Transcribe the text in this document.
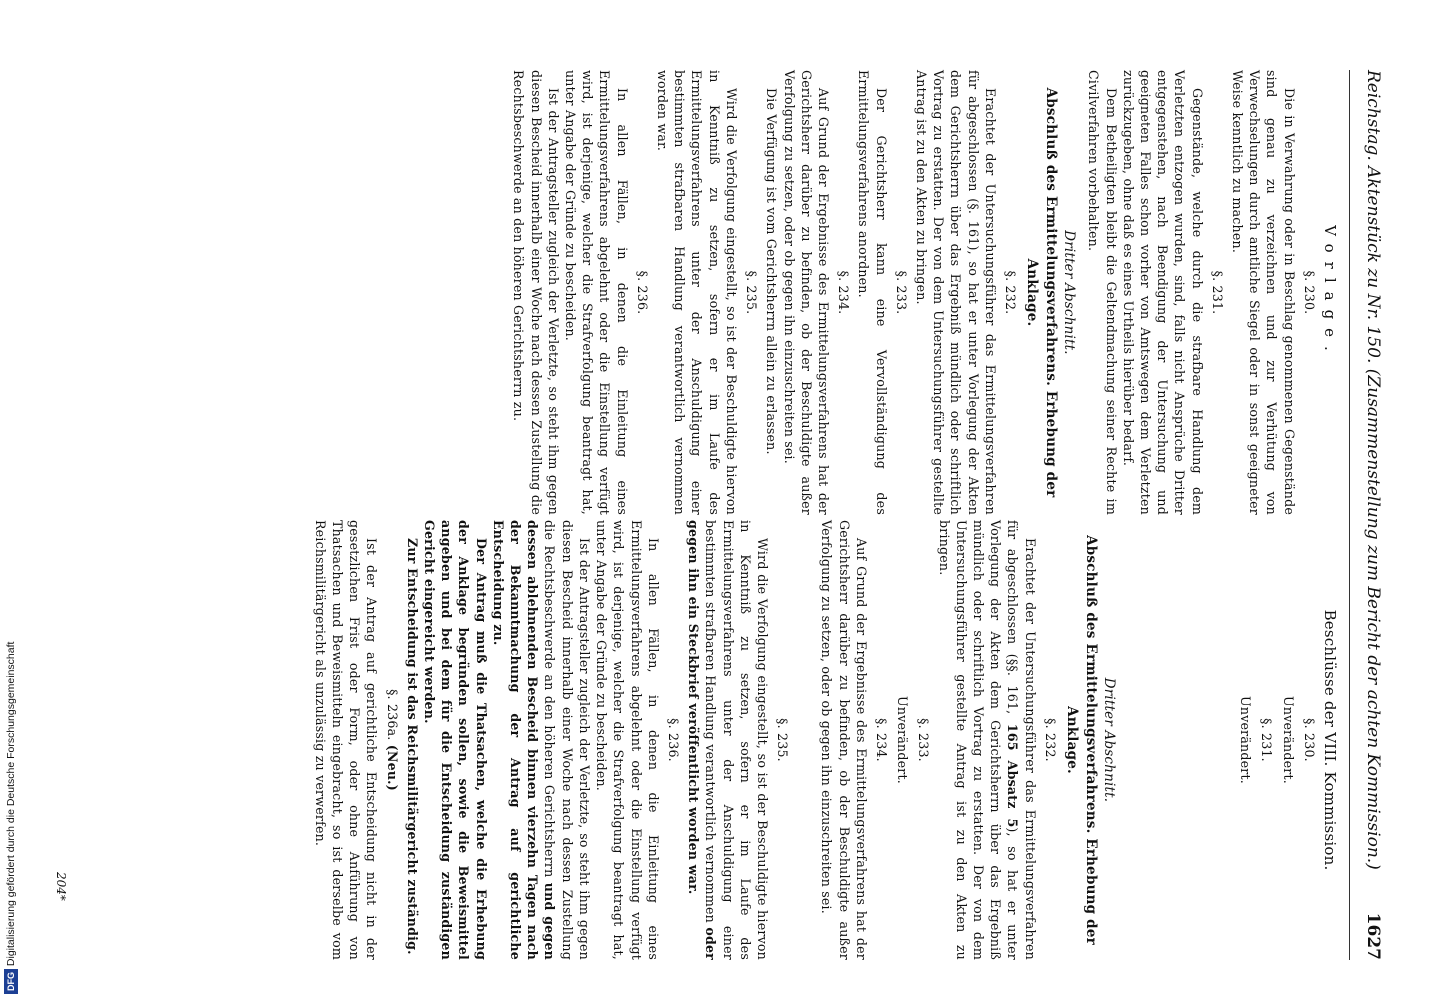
Reichstag. Aktenstück zu Nr. 150. (Zusammenstellung zum Bericht der achten Kommission.)
1627
Vorlage.
§. 230.

Die in Verwahrung oder in Beschlag genommenen Gegenstände sind genau zu verzeichnen und zur Verhütung von Verwechselungen durch amtliche Siegel oder in sonst geeigneter Weise kenntlich zu machen.

§. 231.

Gegenstände, welche durch die strafbare Handlung dem Verletzten entzogen wurden, sind, falls nicht Ansprüche Dritter entgegenstehen, nach Beendigung der Untersuchung und geeigneten Falles schon vorher von Amtswegen dem Verletzten zurückzugeben, ohne daß es eines Urtheils hierüber bedarf.

Dem Betheiligten bleibt die Geltendmachung seiner Rechte im Civilverfahren vorbehalten.

Dritter Abschnitt.
Abschluß des Ermittelungsverfahrens. Erhebung der Anklage.
§. 232.

Erachtet der Untersuchungsführer das Ermittelungsverfahren für abgeschlossen (§. 161), so hat er unter Vorlegung der Akten dem Gerichtsherrn über das Ergebniß mündlich oder schriftlich Vortrag zu erstatten. Der von dem Untersuchungsführer gestellte Antrag ist zu den Akten zu bringen.

§. 233.

Der Gerichtsherr kann eine Vervollständigung des Ermittelungsverfahrens anordnen.

§. 234.

Auf Grund der Ergebnisse des Ermittelungsverfahrens hat der Gerichtsherr darüber zu befinden, ob der Beschuldigte außer Verfolgung zu setzen, oder ob gegen ihn einzuschreiten sei.

Die Verfügung ist vom Gerichtsherrn allein zu erlassen.

§. 235.

Wird die Verfolgung eingestellt, so ist der Beschuldigte hiervon in Kenntniß zu setzen, sofern er im Laufe des Ermittelungsverfahrens unter der Anschuldigung einer bestimmten strafbaren Handlung verantwortlich vernommen worden war.

§. 236.

In allen Fällen, in denen die Einleitung eines Ermittelungsverfahrens abgelehnt oder die Einstellung verfügt wird, ist derjenige, welcher die Strafverfolgung beantragt hat, unter Angabe der Gründe zu bescheiden.

Ist der Antragsteller zugleich der Verletzte, so steht ihm gegen diesen Bescheid innerhalb einer Woche nach dessen Zustellung die Rechtsbeschwerde an den höheren Gerichtsherrn zu.

Beschlüsse der VIII. Kommission.
§. 230.
Unverändert.
§. 231.
Unverändert.
Dritter Abschnitt.
Abschluß des Ermittelungsverfahrens. Erhebung der Anklage.
§. 232.

Erachtet der Untersuchungsführer das Ermittelungsverfahren für abgeschlossen (§§. 161, 165 Absatz 5), so hat er unter Vorlegung der Akten dem Gerichtsherrn über das Ergebniß mündlich oder schriftlich Vortrag zu erstatten. Der von dem Untersuchungsführer gestellte Antrag ist zu den Akten zu bringen.

§. 233.
Unverändert.
§. 234.

Auf Grund der Ergebnisse des Ermittelungsverfahrens hat der Gerichtsherr darüber zu befinden, ob der Beschuldigte außer Verfolgung zu setzen, oder ob gegen ihn einzuschreiten sei.

§. 235.

Wird die Verfolgung eingestellt, so ist der Beschuldigte hiervon in Kenntniß zu setzen, sofern er im Laufe des Ermittelungsverfahrens unter der Anschuldigung einer bestimmten strafbaren Handlung verantwortlich vernommen oder gegen ihn ein Steckbrief veröffentlicht worden war.

§. 236.

In allen Fällen, in denen die Einleitung eines Ermittelungsverfahrens abgelehnt oder die Einstellung verfügt wird, ist derjenige, welcher die Strafverfolgung beantragt hat, unter Angabe der Gründe zu bescheiden.

Ist der Antragsteller zugleich der Verletzte, so steht ihm gegen diesen Bescheid innerhalb einer Woche nach dessen Zustellung die Rechtsbeschwerde an den höheren Gerichtsherrn und gegen dessen ablehnenden Bescheid binnen vierzehn Tagen nach der Bekanntmachung der Antrag auf gerichtliche Entscheidung zu.

Der Antrag muß die Thatsachen, welche die Erhebung der Anklage begründen sollen, sowie die Beweismittel angeben und bei dem für die Entscheidung zuständigen Gericht eingereicht werden.

Zur Entscheidung ist das Reichsmilitärgericht zuständig.

§. 236a. (Neu.)

Ist der Antrag auf gerichtliche Entscheidung nicht in der gesetzlichen Frist oder Form, oder ohne Anführung von Thatsachen und Beweismitteln eingebracht, so ist derselbe vom Reichsmilitärgericht als unzulässig zu verwerfen.

204*
DFG Digitalisierung gefördert durch die Deutsche Forschungsgemeinschaft
